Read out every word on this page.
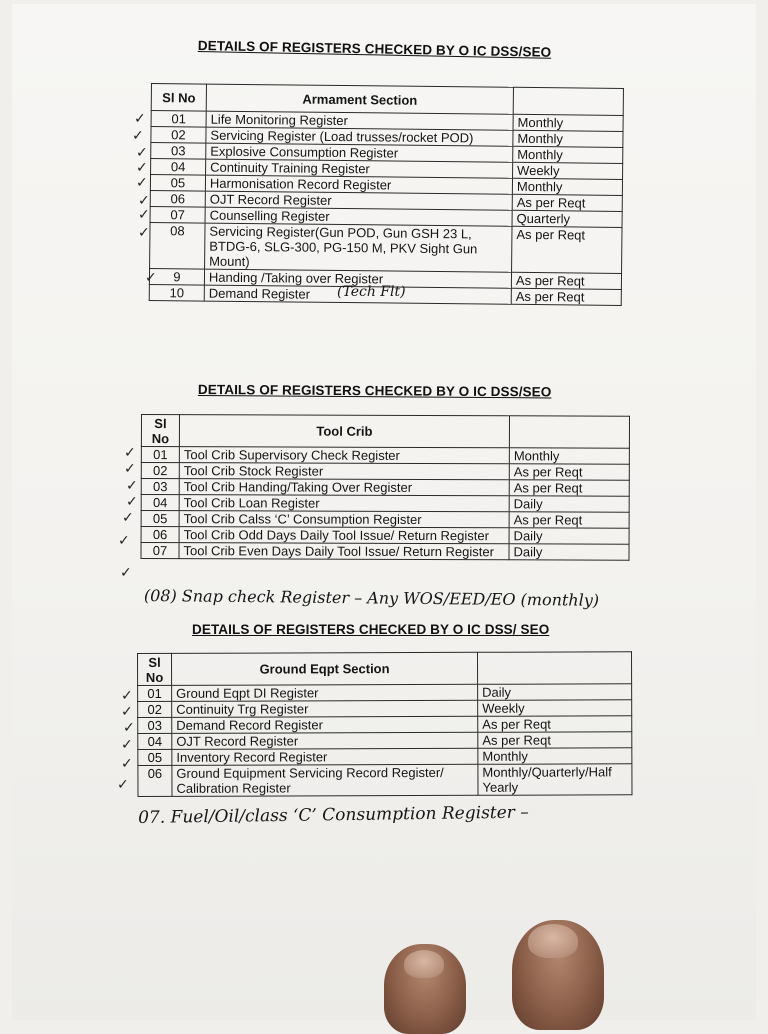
DETAILS OF REGISTERS CHECKED BY O IC DSS/SEO
Sl No	Armament Section	
01	Life Monitoring Register	Monthly
02	Servicing Register (Load trusses/rocket POD)	Monthly
03	Explosive Consumption Register	Monthly
04	Continuity Training Register	Weekly
05	Harmonisation Record Register	Monthly
06	OJT Record Register	As per Reqt
07	Counselling Register	Quarterly
08	Servicing Register(Gun POD, Gun GSH 23 L, BTDG-6, SLG-300, PG-150 M, PKV Sight Gun Mount)	As per Reqt
9	Handing /Taking over Register	As per Reqt
10	Demand Register	As per Reqt
(Tech Flt)
✓
✓
✓
✓
✓
✓
✓
✓
✓
DETAILS OF REGISTERS CHECKED BY O IC DSS/SEO
Sl No	Tool Crib	
01	Tool Crib Supervisory Check Register	Monthly
02	Tool Crib Stock Register	As per Reqt
03	Tool Crib Handing/Taking Over Register	As per Reqt
04	Tool Crib Loan Register	Daily
05	Tool Crib Calss ‘C’ Consumption Register	As per Reqt
06	Tool Crib Odd Days Daily Tool Issue/ Return Register	Daily
07	Tool Crib Even Days Daily Tool Issue/ Return Register	Daily
(08) Snap check Register – Any WOS/EED/EO (monthly)
✓
✓
✓
✓
✓
✓
✓
DETAILS OF REGISTERS CHECKED BY O IC DSS/ SEO
Sl No	Ground Eqpt Section	
01	Ground Eqpt DI Register	Daily
02	Continuity Trg Register	Weekly
03	Demand Record Register	As per Reqt
04	OJT Record Register	As per Reqt
05	Inventory Record Register	Monthly
06	Ground Equipment Servicing Record Register/ Calibration Register	Monthly/Quarterly/Half Yearly
07. Fuel/Oil/class ‘C’ Consumption Register –
✓
✓
✓
✓
✓
✓
